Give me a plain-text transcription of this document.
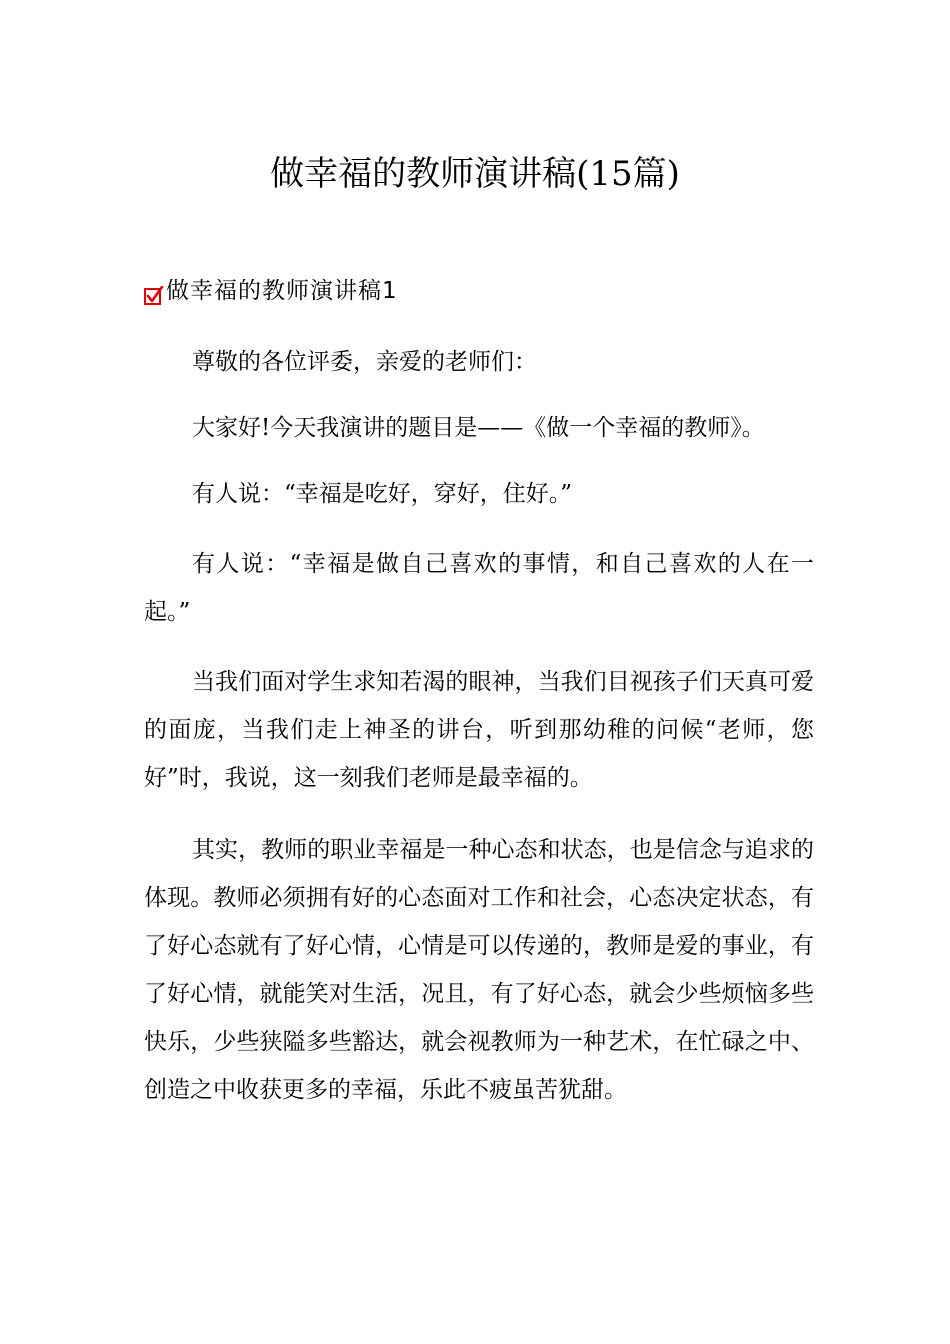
做幸福的教师演讲稿(15篇)
做幸福的教师演讲稿1

尊敬的各位评委，亲爱的老师们：

大家好!今天我演讲的题目是——《做一个幸福的教师》。

有人说：“幸福是吃好，穿好，住好。”

有人说：“幸福是做自己喜欢的事情，和自己喜欢的人在一起。”

当我们面对学生求知若渴的眼神，当我们目视孩子们天真可爱的面庞，当我们走上神圣的讲台，听到那幼稚的问候“老师，您好”时，我说，这一刻我们老师是最幸福的。

其实，教师的职业幸福是一种心态和状态，也是信念与追求的体现。教师必须拥有好的心态面对工作和社会，心态决定状态，有了好心态就有了好心情，心情是可以传递的，教师是爱的事业，有了好心情，就能笑对生活，况且，有了好心态，就会少些烦恼多些快乐，少些狭隘多些豁达，就会视教师为一种艺术，在忙碌之中、创造之中收获更多的幸福，乐此不疲虽苦犹甜。
